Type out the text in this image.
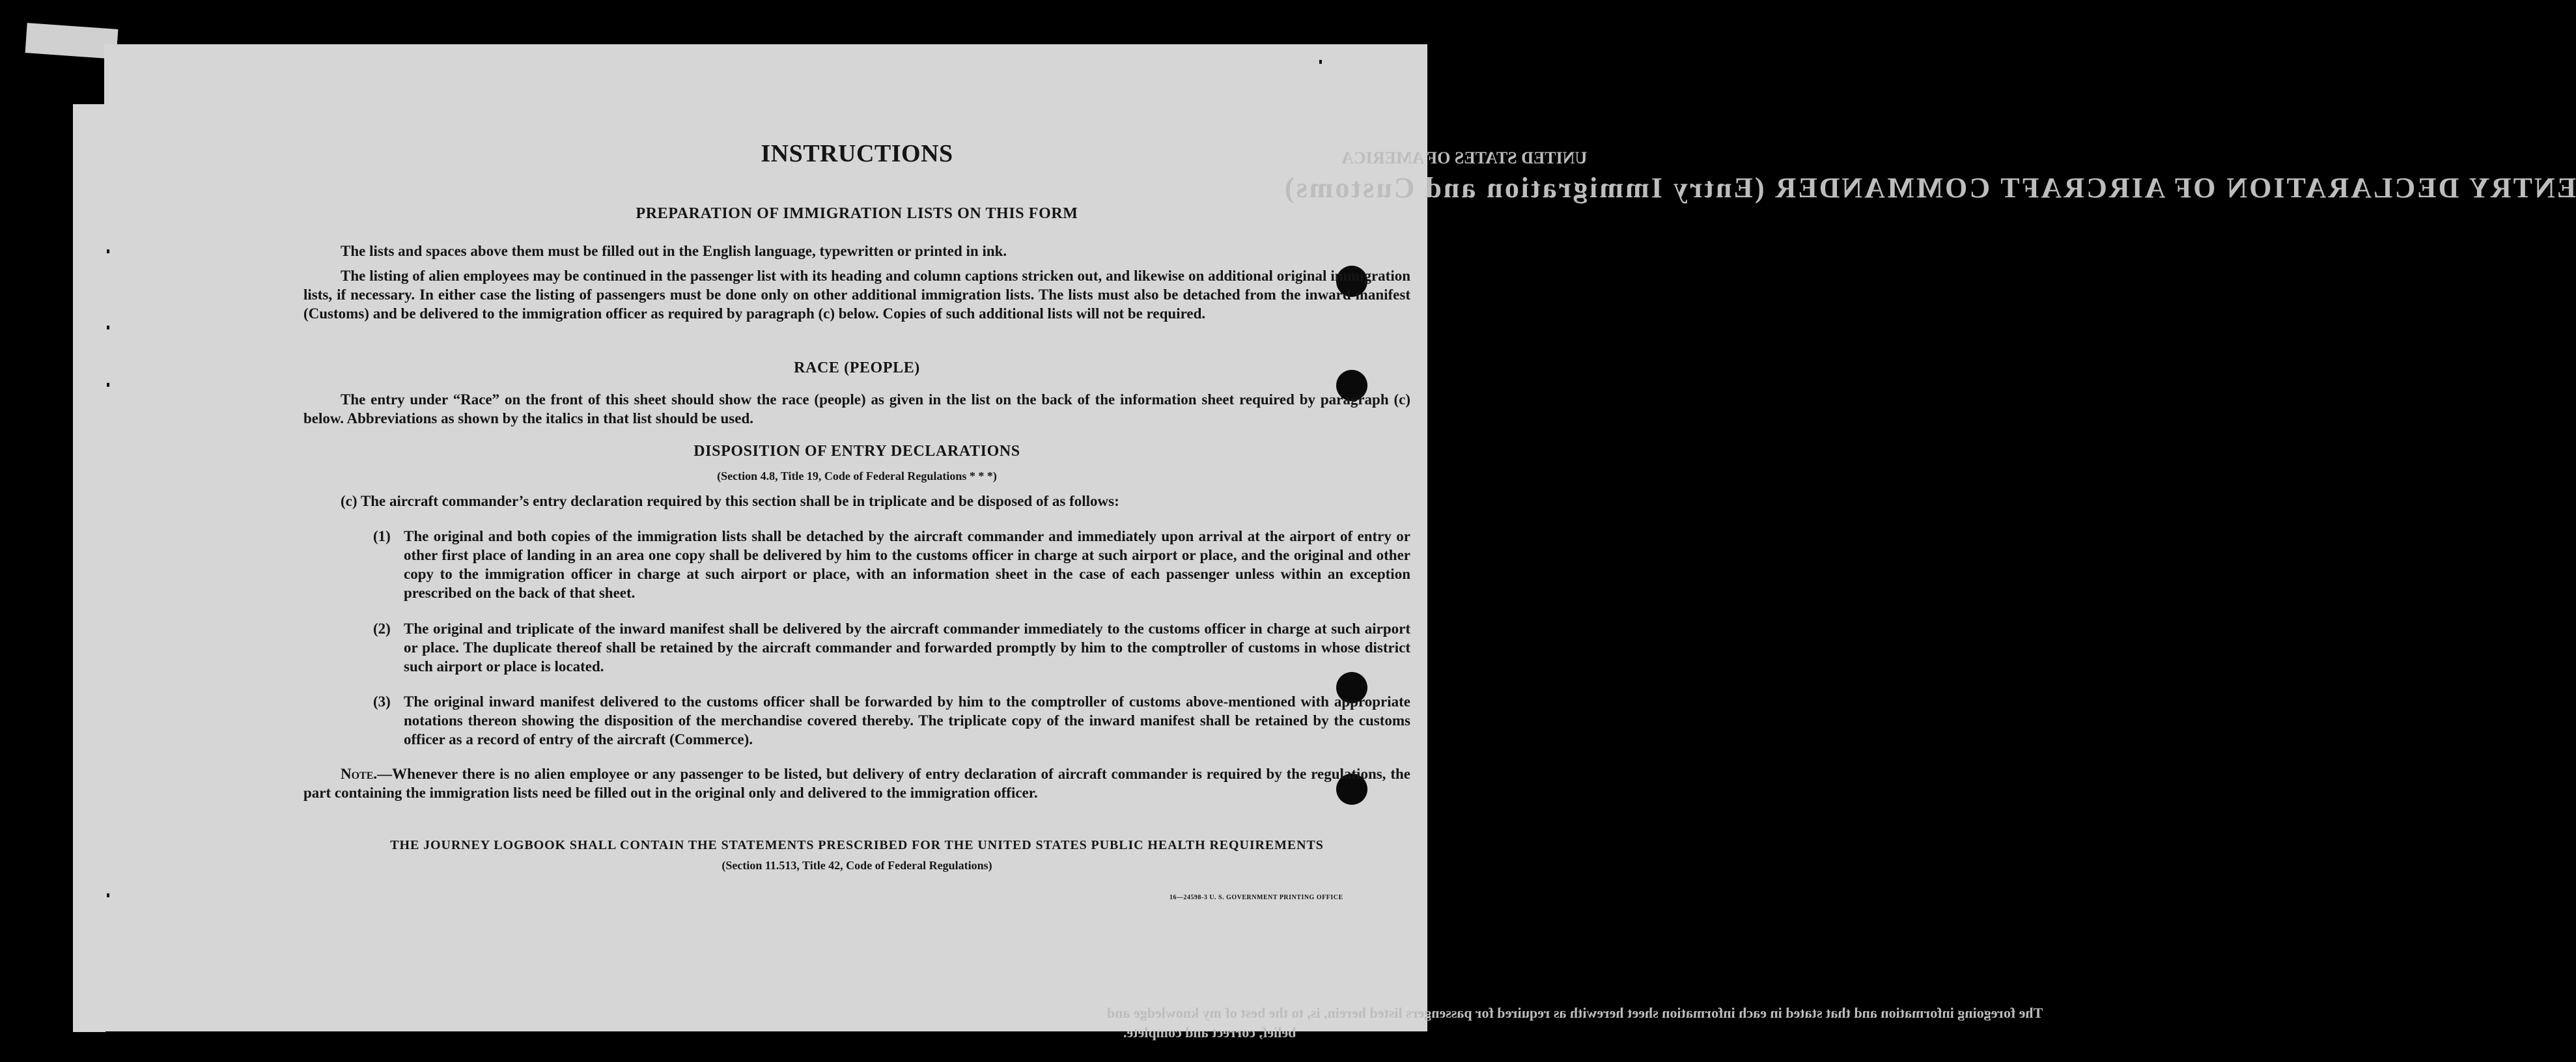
ENTRY DECLARATION OF AIRCRAFT COMMANDER (Entry Immigration and Customs)
UNITED STATES OF AMERICA
The foregoing information and that stated in each information sheet herewith as required for passengers listed herein, is, to the best of my knowledge and
belief, correct and complete.
INSTRUCTIONS
PREPARATION OF IMMIGRATION LISTS ON THIS FORM
The lists and spaces above them must be filled out in the English language, typewritten or printed in ink.
The listing of alien employees may be continued in the passenger list with its heading and column captions stricken out, and likewise on additional original immigration lists, if necessary. In either case the listing of passengers must be done only on other additional immigration lists. The lists must also be detached from the inward manifest (Customs) and be delivered to the immigration officer as required by paragraph (c) below. Copies of such additional lists will not be required.
RACE (PEOPLE)
The entry under “Race” on the front of this sheet should show the race (people) as given in the list on the back of the information sheet required by paragraph (c) below. Abbreviations as shown by the italics in that list should be used.
DISPOSITION OF ENTRY DECLARATIONS
(Section 4.8, Title 19, Code of Federal Regulations * * *)
(c) The aircraft commander’s entry declaration required by this section shall be in triplicate and be disposed of as follows:
(1) The original and both copies of the immigration lists shall be detached by the aircraft commander and immediately upon arrival at the airport of entry or other first place of landing in an area one copy shall be delivered by him to the customs officer in charge at such airport or place, and the original and other copy to the immigration officer in charge at such airport or place, with an information sheet in the case of each passenger unless within an exception prescribed on the back of that sheet.
(2) The original and triplicate of the inward manifest shall be delivered by the aircraft commander immediately to the customs officer in charge at such airport or place. The duplicate thereof shall be retained by the aircraft commander and forwarded promptly by him to the comptroller of customs in whose district such airport or place is located.
(3) The original inward manifest delivered to the customs officer shall be forwarded by him to the comptroller of customs above-mentioned with appropriate notations thereon showing the disposition of the merchandise covered thereby. The triplicate copy of the inward manifest shall be retained by the customs officer as a record of entry of the aircraft (Commerce).
Note.—Whenever there is no alien employee or any passenger to be listed, but delivery of entry declaration of aircraft commander is required by the regulations, the part containing the immigration lists need be filled out in the original only and delivered to the immigration officer.
THE JOURNEY LOGBOOK SHALL CONTAIN THE STATEMENTS PRESCRIBED FOR THE UNITED STATES PUBLIC HEALTH REQUIREMENTS
(Section 11.513, Title 42, Code of Federal Regulations)
16—24598-3 U. S. GOVERNMENT PRINTING OFFICE
